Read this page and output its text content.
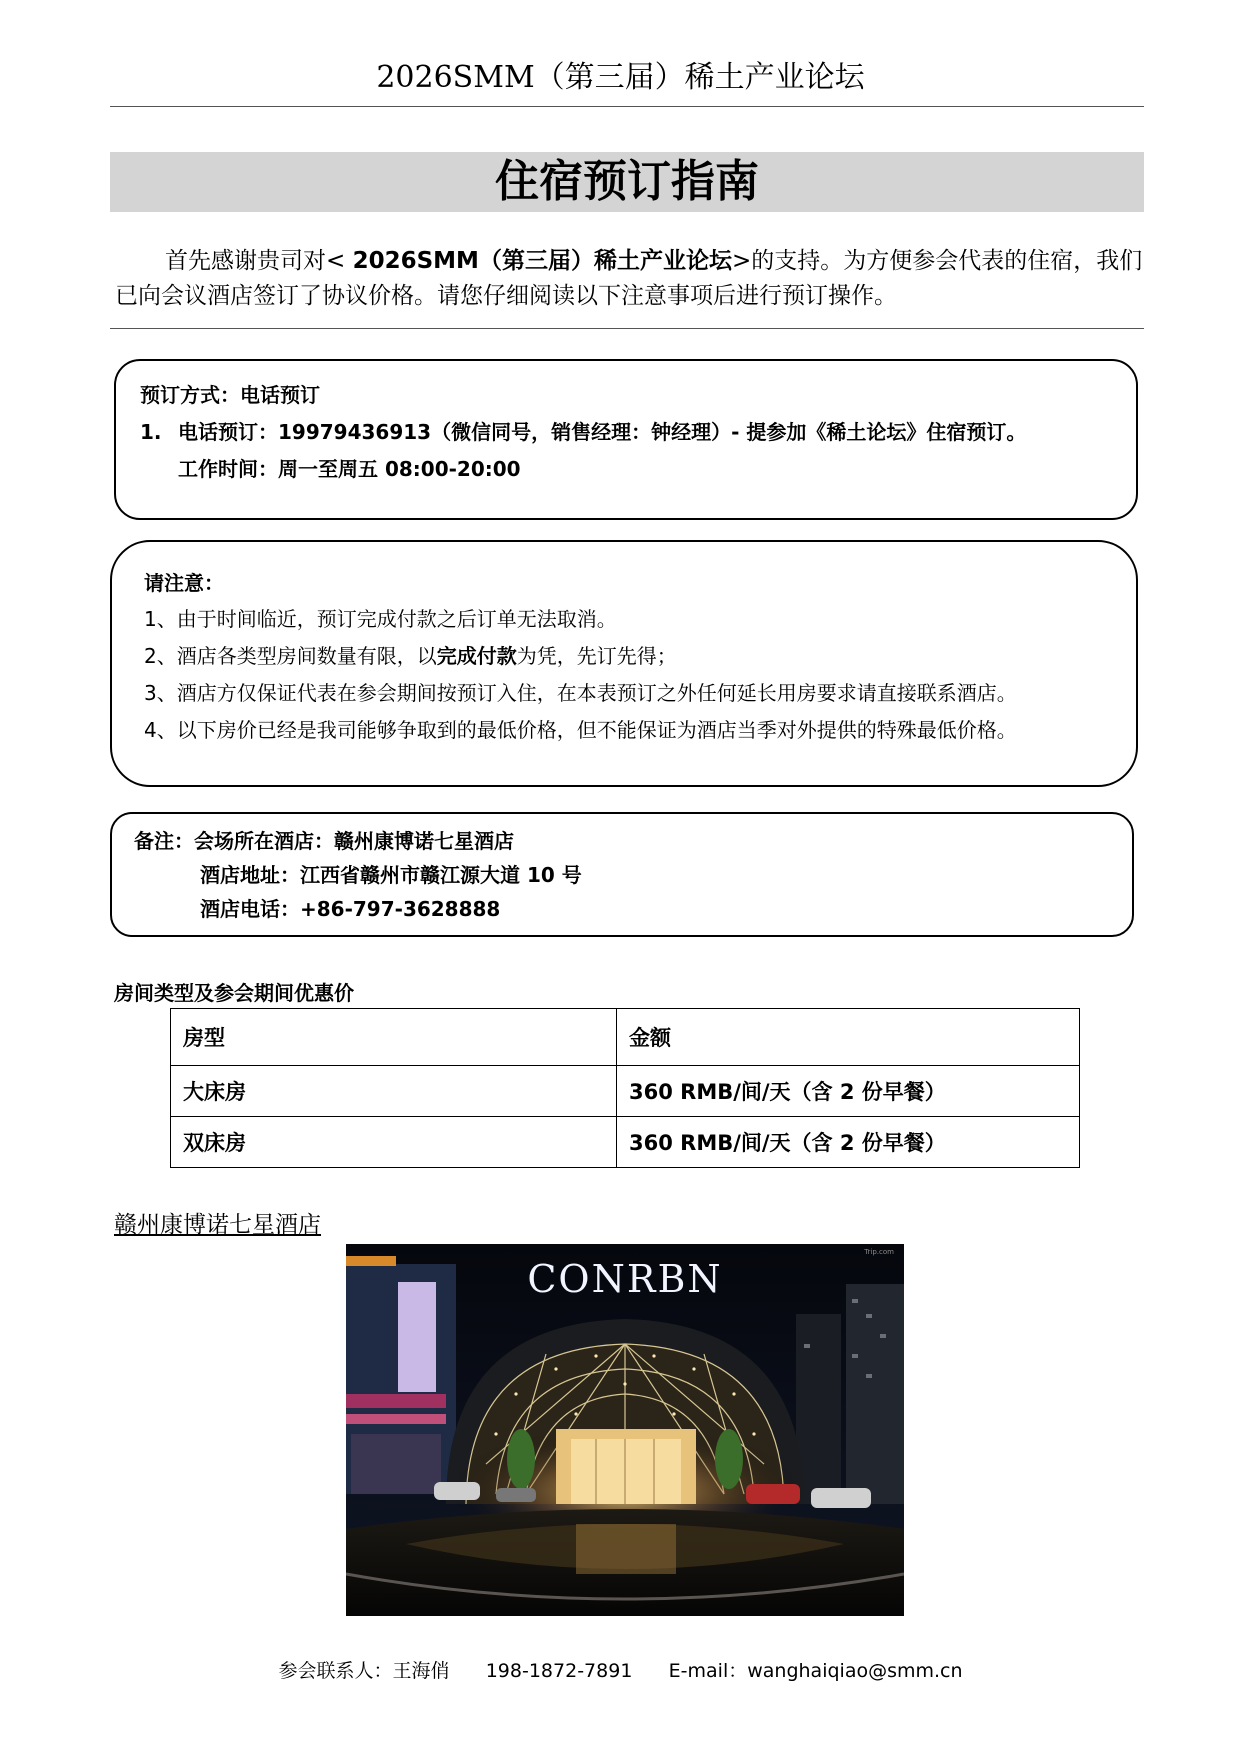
2026SMM（第三届）稀土产业论坛
住宿预订指南
首先感谢贵司对< 2026SMM（第三届）稀土产业论坛>的支持。为方便参会代表的住宿，我们已向会议酒店签订了协议价格。请您仔细阅读以下注意事项后进行预订操作。
预订方式：电话预订
1. 电话预订：19979436913（微信同号，销售经理：钟经理）- 提参加《稀土论坛》住宿预订。
工作时间：周一至周五 08:00-20:00
请注意：
1、由于时间临近，预订完成付款之后订单无法取消。
2、酒店各类型房间数量有限，以完成付款为凭，先订先得；
3、酒店方仅保证代表在参会期间按预订入住，在本表预订之外任何延长用房要求请直接联系酒店。
4、以下房价已经是我司能够争取到的最低价格，但不能保证为酒店当季对外提供的特殊最低价格。
备注：会场所在酒店：赣州康博诺七星酒店
酒店地址：江西省赣州市赣江源大道 10 号
酒店电话：+86-797-3628888
房间类型及参会期间优惠价
房型	金额
大床房	360 RMB/间/天（含 2 份早餐）
双床房	360 RMB/间/天（含 2 份早餐）
赣州康博诺七星酒店
CONRBN
Trip.com
参会联系人：王海俏 198-1872-7891 E-mail：wanghaiqiao@smm.cn
